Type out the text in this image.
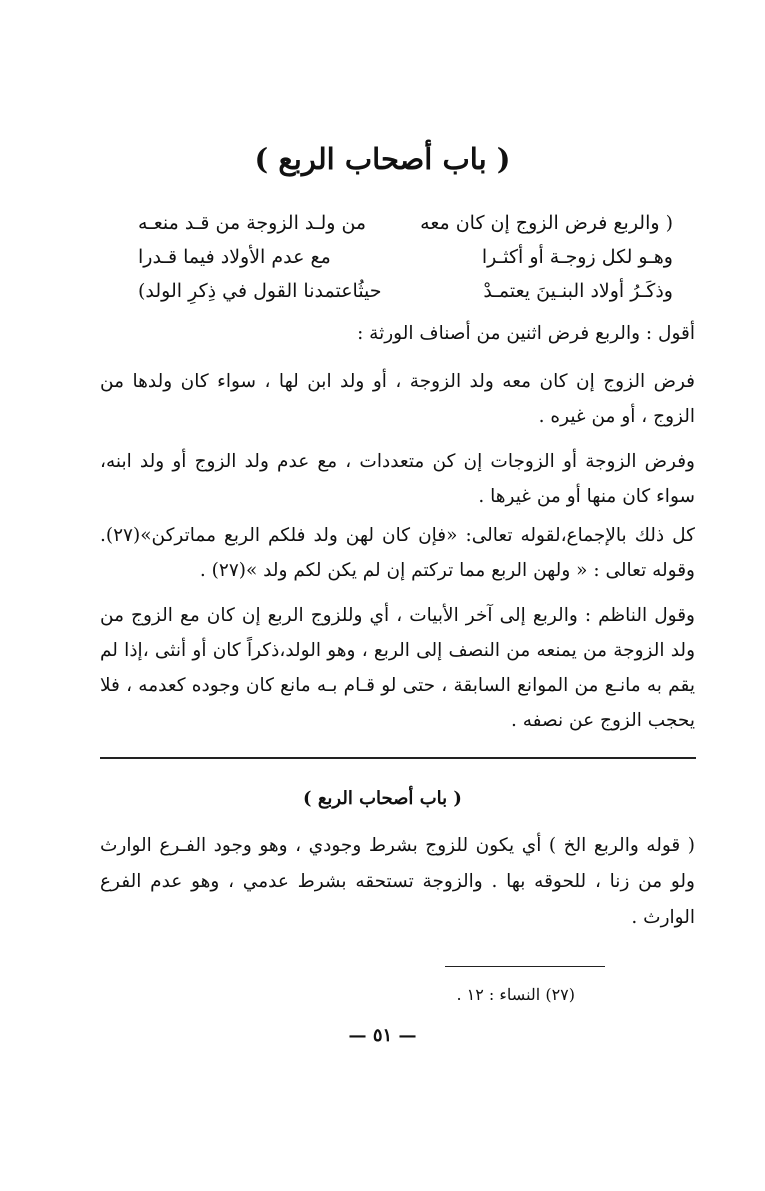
( باب أصحاب الربع )
( والربع فرض الزوج إن كان معه
من ولـد الزوجة من قـد منعـه
وهـو لكل زوجـة أو أكثـرا
مع عدم الأولاد فيما قـدرا
وذكَـرُ أولاد البنـينَ يعتمـدْ
حيثُاعتمدنا القول في ذِكرِ الولد)

أقول : والربع فرض اثنين من أصناف الورثة :

فرض الزوج إن كان معه ولد الزوجة ، أو ولد ابن لها ، سواء كان ولدها من الزوج ، أو من غيره .

وفرض الزوجة أو الزوجات إن كن متعددات ، مع عدم ولد الزوج أو ولد ابنه، سواء كان منها أو من غيرها .

كل ذلك بالإجماع،لقوله تعالى: «فإن كان لهن ولد فلكم الربع مماتركن»(٢٧). وقوله تعالى : « ولهن الربع مما تركتم إن لم يكن لكم ولد »(٢٧) .

وقول الناظم : والربع إلى آخر الأبيات ، أي وللزوج الربع إن كان مع الزوج من ولد الزوجة من يمنعه من النصف إلى الربع ، وهو الولد،ذكراً كان أو أنثى ،إذا لم يقم به مانـع من الموانع السابقة ، حتى لو قـام بـه مانع كان وجوده كعدمه ، فلا يحجب الزوج عن نصفه .

( باب أصحاب الربع )

( قوله والربع الخ ) أي يكون للزوج بشرط وجودي ، وهو وجود الفـرع الوارث ولو من زنا ، للحوقه بها . والزوجة تستحقه بشرط عدمي ، وهو عدم الفرع الوارث .

(٢٧) النساء : ١٢ .

— ٥١ —
